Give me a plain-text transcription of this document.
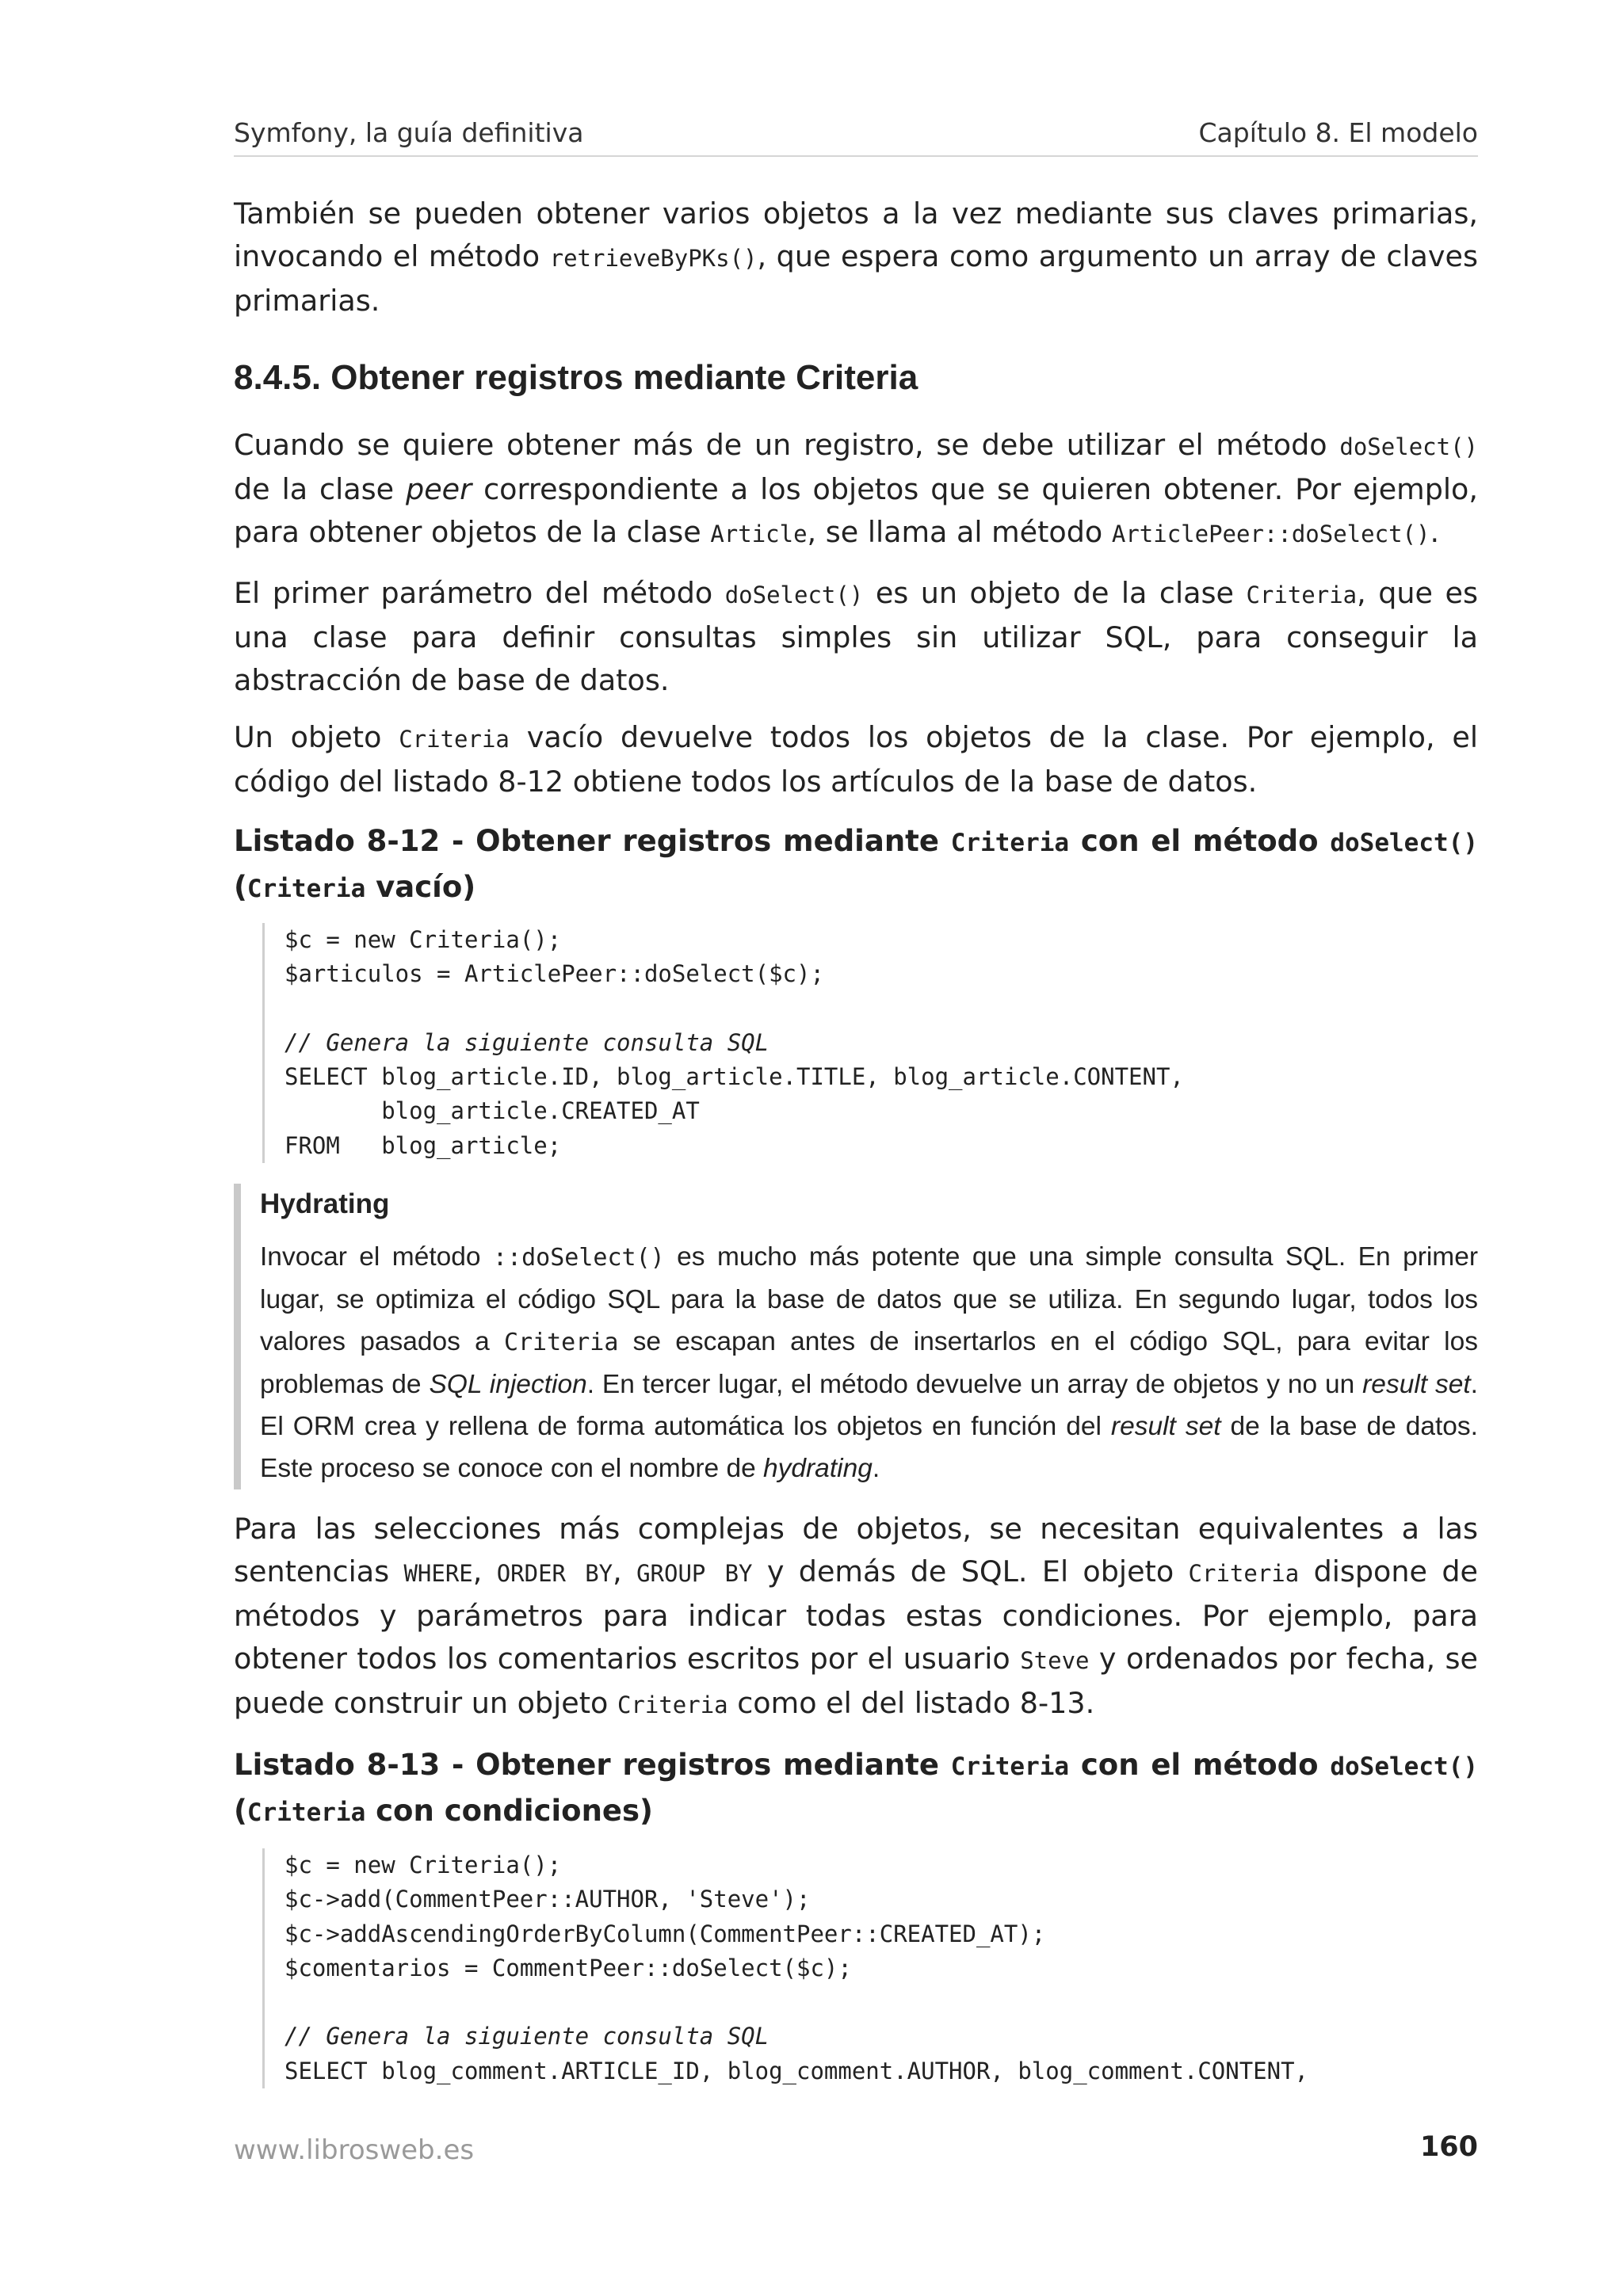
Symfony, la guía definitiva	Capítulo 8. El modelo

También se pueden obtener varios objetos a la vez mediante sus claves primarias, invocando el método retrieveByPKs(), que espera como argumento un array de claves primarias.

8.4.5. Obtener registros mediante Criteria

Cuando se quiere obtener más de un registro, se debe utilizar el método doSelect() de la clase peer correspondiente a los objetos que se quieren obtener. Por ejemplo, para obtener objetos de la clase Article, se llama al método ArticlePeer::doSelect().

El primer parámetro del método doSelect() es un objeto de la clase Criteria, que es una clase para definir consultas simples sin utilizar SQL, para conseguir la abstracción de base de datos.

Un objeto Criteria vacío devuelve todos los objetos de la clase. Por ejemplo, el código del listado 8-12 obtiene todos los artículos de la base de datos.

Listado 8-12 - Obtener registros mediante Criteria con el método doSelect() (Criteria vacío)

$c = new Criteria();
$articulos = ArticlePeer::doSelect($c);

// Genera la siguiente consulta SQL
SELECT blog_article.ID, blog_article.TITLE, blog_article.CONTENT,
blog_article.CREATED_AT
FROM   blog_article;

Hydrating

Invocar el método ::doSelect() es mucho más potente que una simple consulta SQL. En primer lugar, se optimiza el código SQL para la base de datos que se utiliza. En segundo lugar, todos los valores pasados a Criteria se escapan antes de insertarlos en el código SQL, para evitar los problemas de SQL injection. En tercer lugar, el método devuelve un array de objetos y no un result set. El ORM crea y rellena de forma automática los objetos en función del result set de la base de datos. Este proceso se conoce con el nombre de hydrating.

Para las selecciones más complejas de objetos, se necesitan equivalentes a las sentencias WHERE, ORDER BY, GROUP BY y demás de SQL. El objeto Criteria dispone de métodos y parámetros para indicar todas estas condiciones. Por ejemplo, para obtener todos los comentarios escritos por el usuario Steve y ordenados por fecha, se puede construir un objeto Criteria como el del listado 8-13.

Listado 8-13 - Obtener registros mediante Criteria con el método doSelect() (Criteria con condiciones)

$c = new Criteria();
$c->add(CommentPeer::AUTHOR, 'Steve');
$c->addAscendingOrderByColumn(CommentPeer::CREATED_AT);
$comentarios = CommentPeer::doSelect($c);

// Genera la siguiente consulta SQL
SELECT blog_comment.ARTICLE_ID, blog_comment.AUTHOR, blog_comment.CONTENT,
www.librosweb.es	160
